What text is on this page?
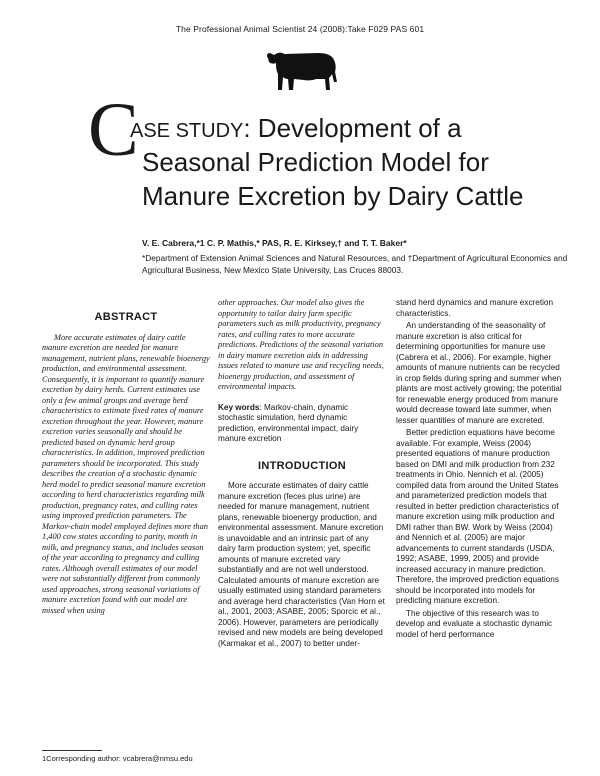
The Professional Animal Scientist 24 (2008):Take F029 PAS 601
C
ASE STUDY: Development of a
Seasonal Prediction Model for
Manure Excretion by Dairy Cattle
V. E. Cabrera,*1 C. P. Mathis,* PAS, R. E. Kirksey,† and T. T. Baker*
*Department of Extension Animal Sciences and Natural Resources, and †Department of Agricultural Economics and Agricultural Business, New Mexico State University, Las Cruces 88003.
ABSTRACT

More accurate estimates of dairy cattle manure excretion are needed for manure management, nutrient plans, renewable bioenergy production, and environmental assessment. Consequently, it is important to quantify manure excretion by dairy herds. Current estimates use only a few animal groups and average herd characteristics to estimate fixed rates of manure excretion throughout the year. However, manure excretion varies seasonally and should be predicted based on dynamic herd group characteristics. In addition, improved prediction parameters should be incorporated. This study describes the creation of a stochastic dynamic herd model to predict seasonal manure excretion according to herd characteristics regarding milk production, pregnancy rates, and culling rates using improved prediction parameters. The Markov-chain model employed defines more than 1,400 cow states according to parity, month in milk, and pregnancy status, and includes season of the year according to pregnancy and culling rates. Although overall estimates of our model were not substantially different from commonly used approaches, strong seasonal variations of manure excretion found with our model are missed when using

other approaches. Our model also gives the opportunity to tailor dairy farm specific parameters such as milk productivity, pregnancy rates, and culling rates to more accurate predictions. Predictions of the seasonal variation in dairy manure excretion aids in addressing issues related to manure use and recycling needs, bioenergy production, and assessment of environmental impacts.

Key words: Markov-chain, dynamic stochastic simulation, herd dynamic prediction, environmental impact, dairy manure excretion

INTRODUCTION

More accurate estimates of dairy cattle manure excretion (feces plus urine) are needed for manure management, nutrient plans, renewable bioenergy production, and environmental assessment. Manure excretion is unavoidable and an intrinsic part of any dairy farm production system; yet, specific amounts of manure excreted vary substantially and are not well understood. Calculated amounts of manure excretion are usually estimated using standard parameters and average herd characteristics (Van Horn et al., 2001, 2003; ASABE, 2005; Sporcic et al., 2006). However, parameters are periodically revised and new models are being developed (Karmakar et al., 2007) to better under-

stand herd dynamics and manure excretion characteristics.

An understanding of the seasonality of manure excretion is also critical for determining opportunities for manure use (Cabrera et al., 2006). For example, higher amounts of manure nutrients can be recycled in crop fields during spring and summer when plants are most actively growing; the potential for renewable energy produced from manure would decrease toward late summer, when lesser quantities of manure are excreted.

Better prediction equations have become available. For example, Weiss (2004) presented equations of manure production based on DMI and milk production from 232 treatments in Ohio. Nennich et al. (2005) compiled data from around the United States and parameterized prediction models that resulted in better prediction characteristics of manure excretion using milk production and DMI rather than BW. Work by Weiss (2004) and Nennich et al. (2005) are major advancements to current standards (USDA, 1992; ASABE, 1999, 2005) and provide increased accuracy in manure prediction. Therefore, the improved prediction equations should be incorporated into models for predicting manure excretion.

The objective of this research was to develop and evaluate a stochastic dynamic model of herd performance

1Corresponding author: vcabrera@nmsu.edu
